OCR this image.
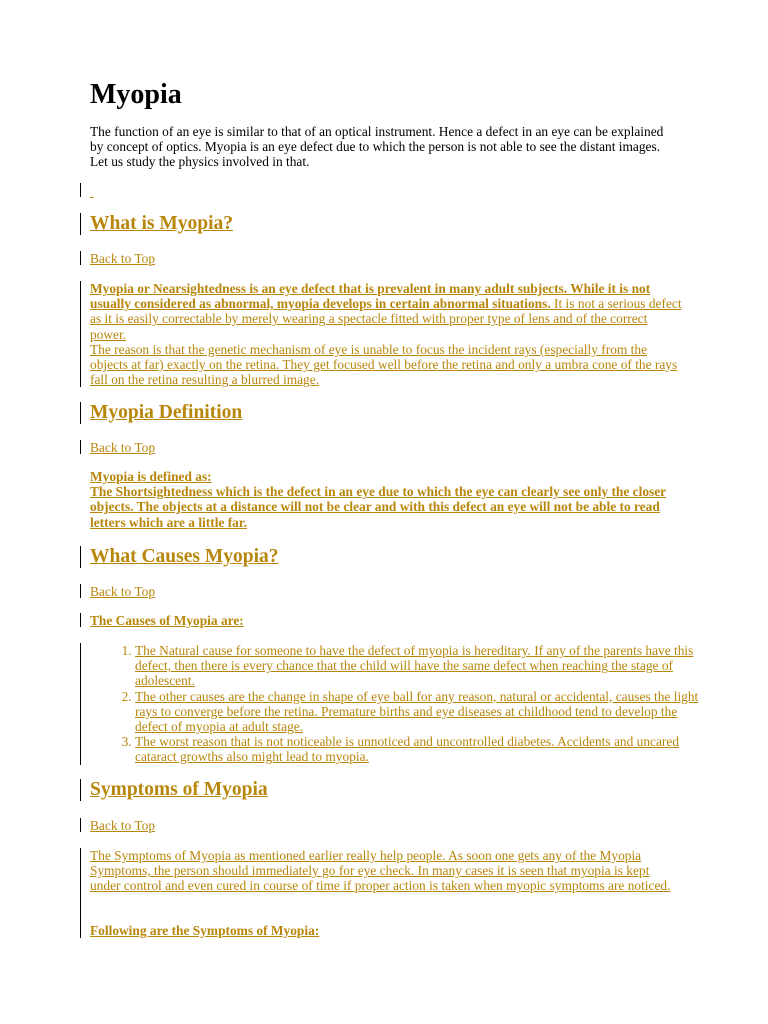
Myopia

The function of an eye is similar to that of an optical instrument. Hence a defect in an eye can be explained by concept of optics. Myopia is an eye defect due to which the person is not able to see the distant images. Let us study the physics involved in that.

What is Myopia?
Back to Top
Myopia or Nearsightedness is an eye defect that is prevalent in many adult subjects. While it is not usually considered as abnormal, myopia develops in certain abnormal situations. It is not a serious defect as it is easily correctable by merely wearing a spectacle fitted with proper type of lens and of the correct power.
The reason is that the genetic mechanism of eye is unable to focus the incident rays (especially from the objects at far) exactly on the retina. They get focused well before the retina and only a umbra cone of the rays fall on the retina resulting a blurred image.
Myopia Definition
Back to Top
Myopia is defined as:
The Shortsightedness which is the defect in an eye due to which the eye can clearly see only the closer objects. The objects at a distance will not be clear and with this defect an eye will not be able to read letters which are a little far.
What Causes Myopia?
Back to Top
The Causes of Myopia are:
1. The Natural cause for someone to have the defect of myopia is hereditary. If any of the parents have this defect, then there is every chance that the child will have the same defect when reaching the stage of adolescent.
2. The other causes are the change in shape of eye ball for any reason, natural or accidental, causes the light rays to converge before the retina. Premature births and eye diseases at childhood tend to develop the defect of myopia at adult stage.
3. The worst reason that is not noticeable is unnoticed and uncontrolled diabetes. Accidents and uncared cataract growths also might lead to myopia.
Symptoms of Myopia
Back to Top
The Symptoms of Myopia as mentioned earlier really help people. As soon one gets any of the Myopia Symptoms, the person should immediately go for eye check. In many cases it is seen that myopia is kept under control and even cured in course of time if proper action is taken when myopic symptoms are noticed.
Following are the Symptoms of Myopia:
